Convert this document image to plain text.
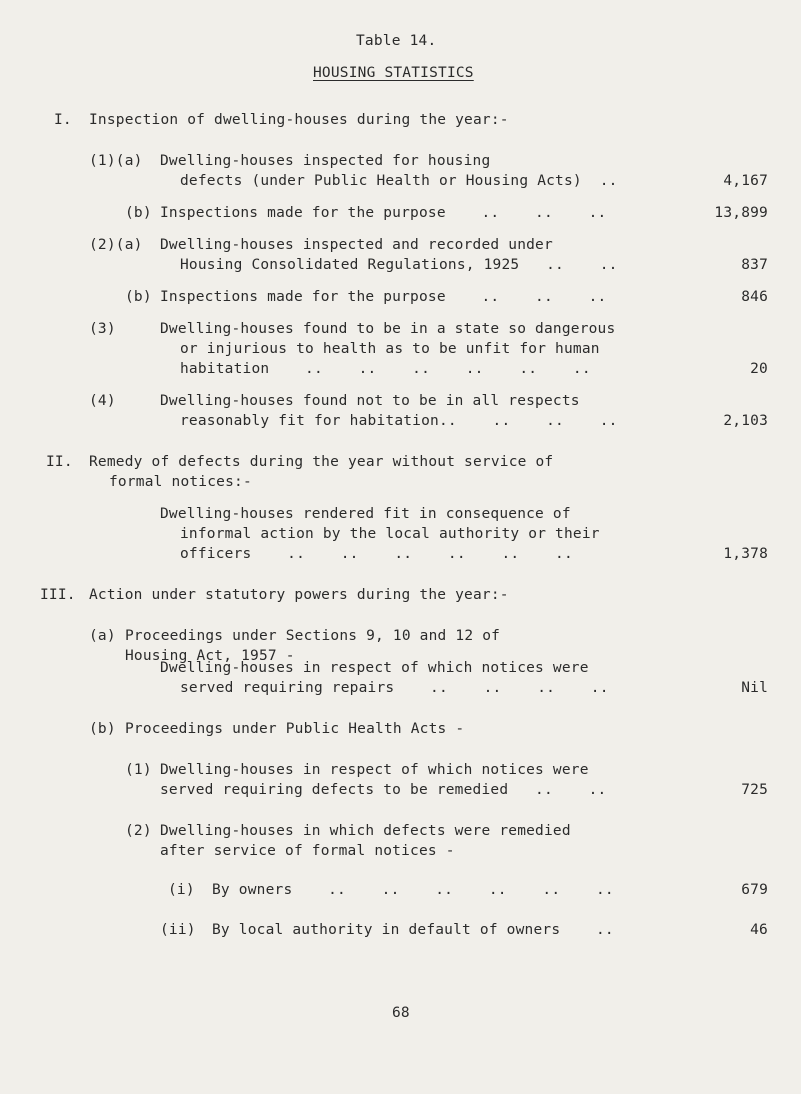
Table 14.
HOUSING STATISTICS
I. Inspection of dwelling-houses during the year:-
(1)(a) Dwelling-houses inspected for housing
defects (under Public Health or Housing Acts)  ..	4,167
(b) Inspections made for the purpose    ..    ..    ..	13,899
(2)(a) Dwelling-houses inspected and recorded under
Housing Consolidated Regulations, 1925   ..    ..	837
(b) Inspections made for the purpose    ..    ..    ..	846
(3)	Dwelling-houses found to be in a state so dangerous
or injurious to health as to be unfit for human
habitation    ..    ..    ..    ..    ..    ..	20
(4)	Dwelling-houses found not to be in all respects
reasonably fit for habitation..    ..    ..    ..	2,103
II. Remedy of defects during the year without service of
formal notices:-
Dwelling-houses rendered fit in consequence of
informal action by the local authority or their
officers    ..    ..    ..    ..    ..    ..	1,378
III. Action under statutory powers during the year:-
(a) Proceedings under Sections 9, 10 and 12 of
Housing Act, 1957 -
Dwelling-houses in respect of which notices were
served requiring repairs    ..    ..    ..    ..	Nil
(b) Proceedings under Public Health Acts -
(1) Dwelling-houses in respect of which notices were
served requiring defects to be remedied   ..    ..	725
(2) Dwelling-houses in which defects were remedied
after service of formal notices -
(i) By owners    ..    ..    ..    ..    ..    ..	679
(ii) By local authority in default of owners    ..	46
68
